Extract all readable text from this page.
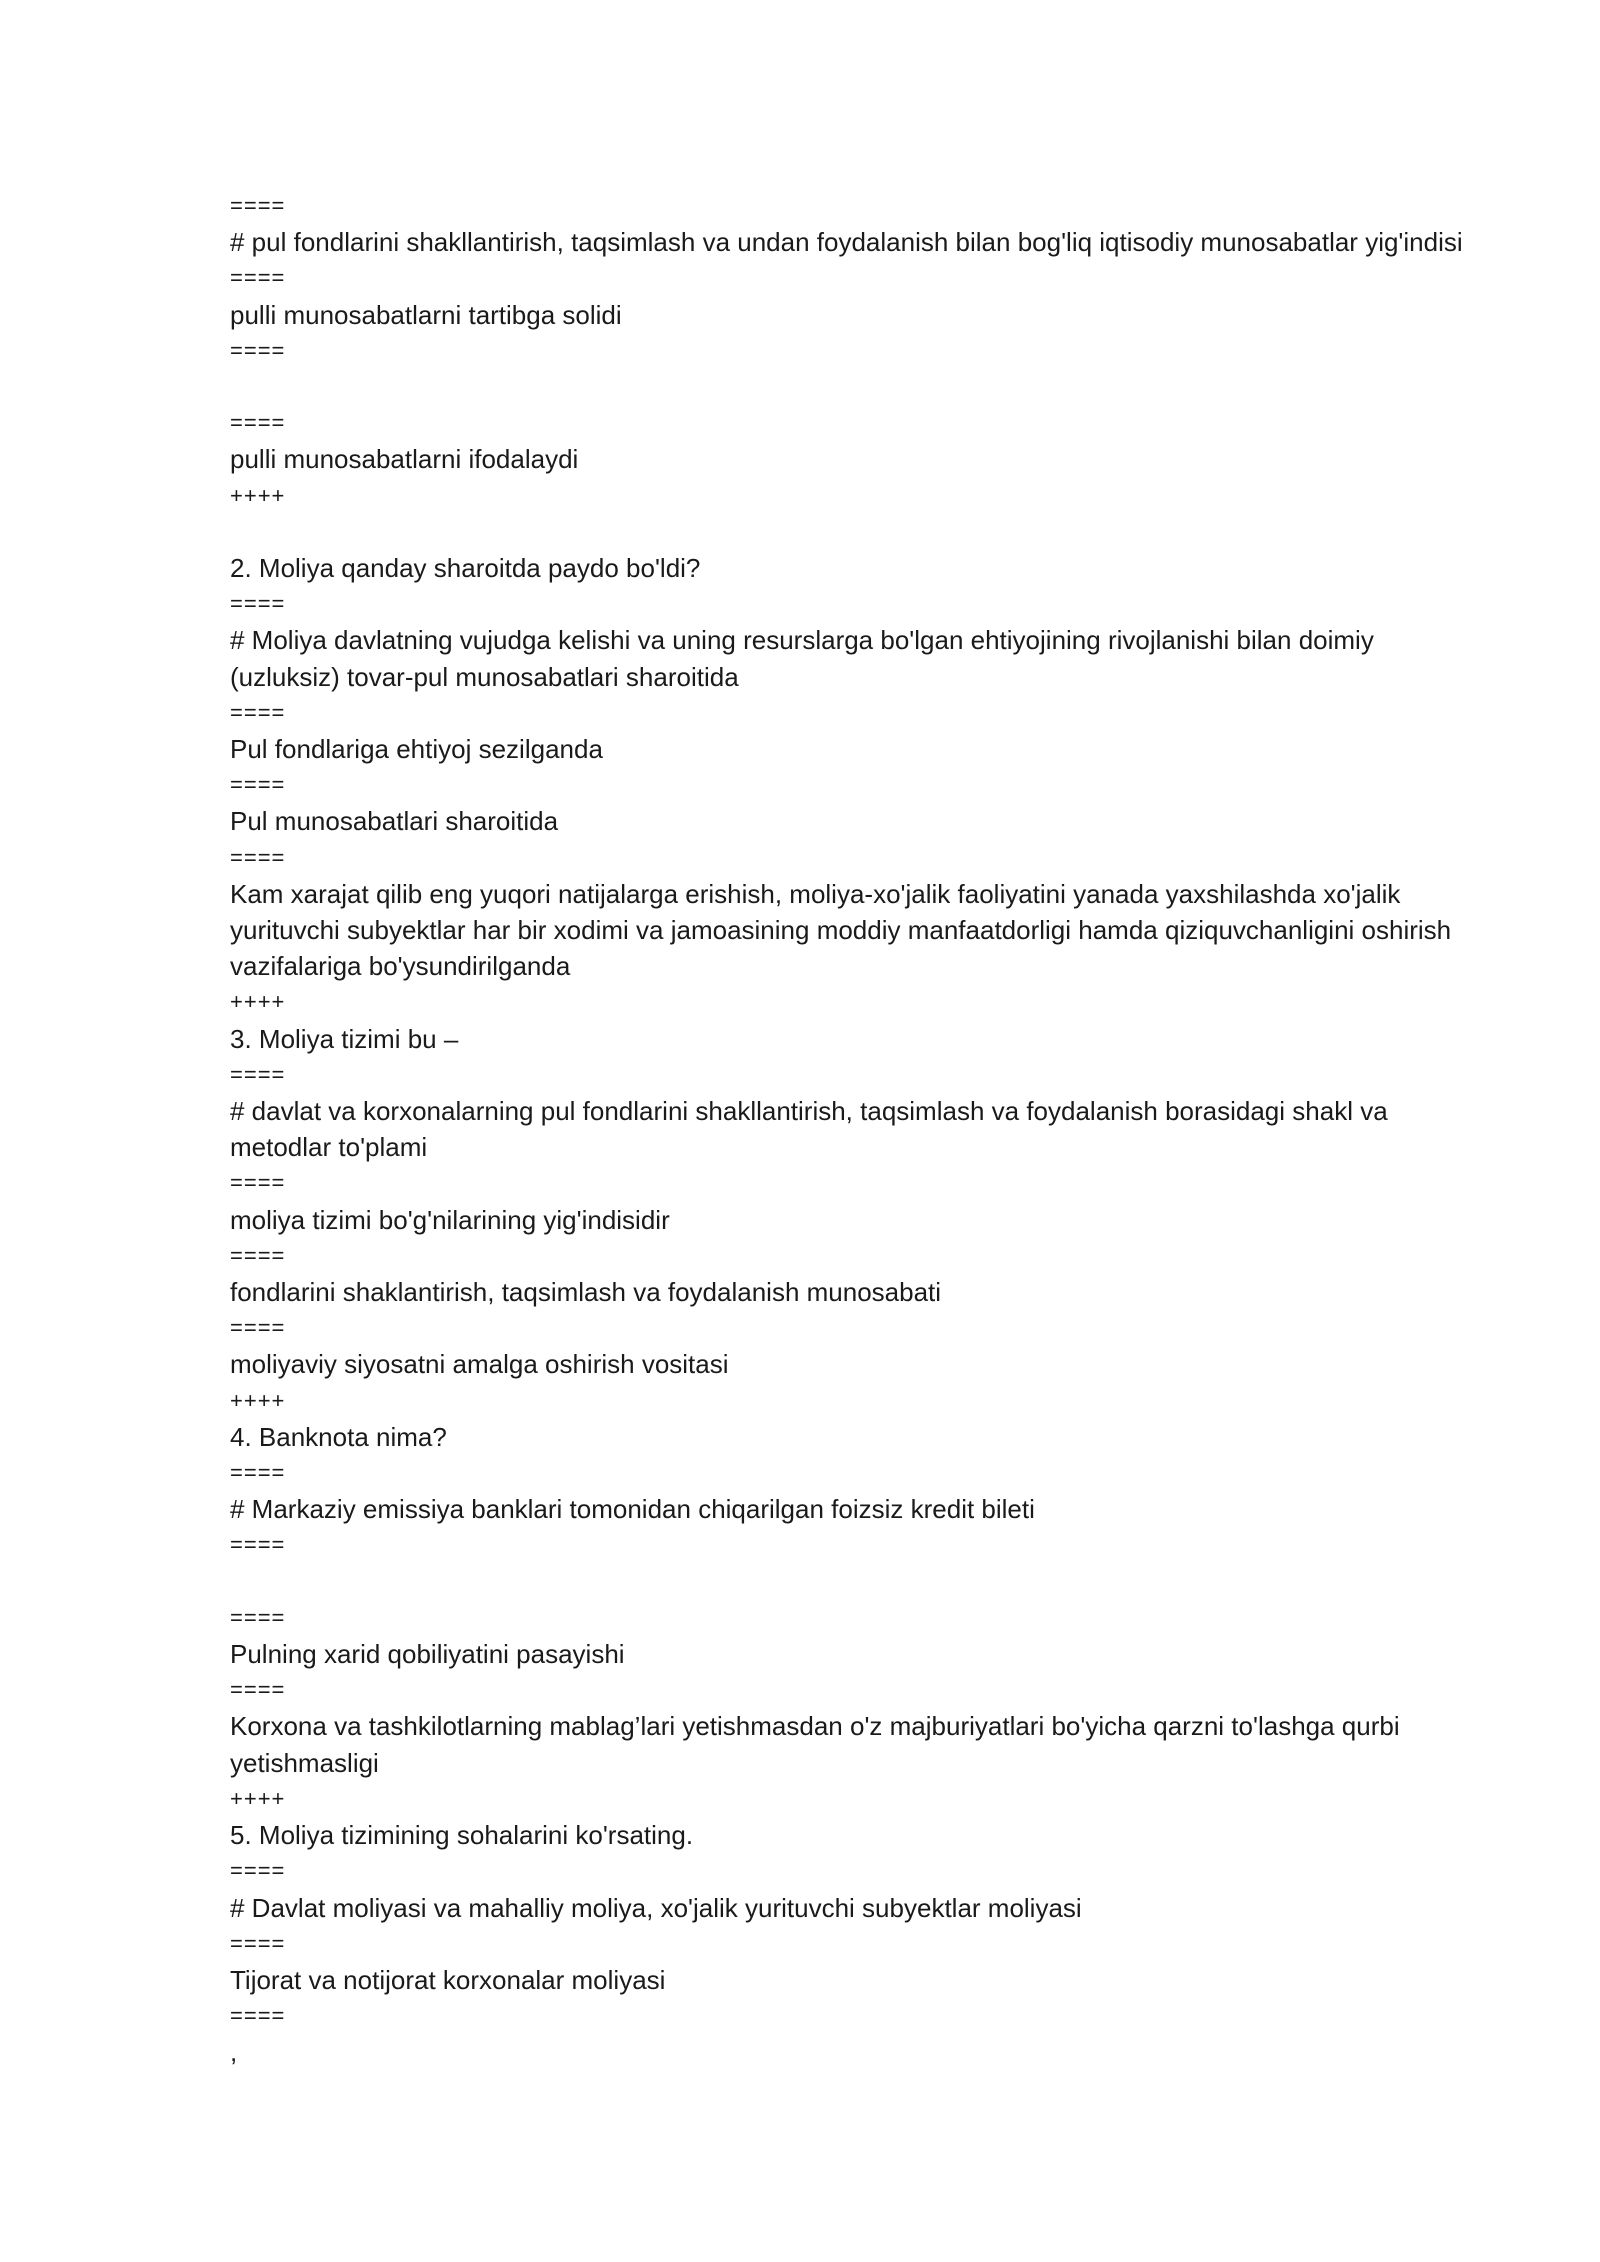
====
# pul fondlarini shakllantirish, taqsimlash va undan foydalanish bilan bog'liq iqtisodiy munosabatlar yig'indisi
====
pulli munosabatlarni tartibga solidi
====
====
pulli munosabatlarni ifodalaydi
++++
2. Moliya qanday sharoitda paydo bo'ldi?
====
# Moliya davlatning vujudga kelishi va uning resurslarga bo'lgan ehtiyojining rivojlanishi bilan doimiy (uzluksiz) tovar-pul munosabatlari sharoitida
====
Pul fondlariga ehtiyoj sezilganda
====
Pul munosabatlari sharoitida
====
Kam xarajat qilib eng yuqori natijalarga erishish, moliya-xo'jalik faoliyatini yanada yaxshilashda xo'jalik yurituvchi subyektlar har bir xodimi va jamoasining moddiy manfaatdorligi hamda qiziquvchanligini oshirish vazifalariga bo'ysundirilganda
++++
3. Moliya tizimi bu –
====
# davlat va korxonalarning pul fondlarini shakllantirish, taqsimlash va foydalanish borasidagi shakl va metodlar to'plami
====
moliya tizimi bo'g'nilarining yig'indisidir
====
fondlarini shaklantirish, taqsimlash va foydalanish munosabati
====
moliyaviy siyosatni amalga oshirish vositasi
++++
4. Banknota nima?
====
# Markaziy emissiya banklari tomonidan chiqarilgan foizsiz kredit bileti
====
====
Pulning xarid qobiliyatini pasayishi
====
Korxona va tashkilotlarning mablag’lari yetishmasdan o'z majburiyatlari bo'yicha qarzni to'lashga qurbi yetishmasligi
++++
5. Moliya tizimining sohalarini ko'rsating.
====
# Davlat moliyasi va mahalliy moliya, xo'jalik yurituvchi subyektlar moliyasi
====
Tijorat va notijorat korxonalar moliyasi
====
,
